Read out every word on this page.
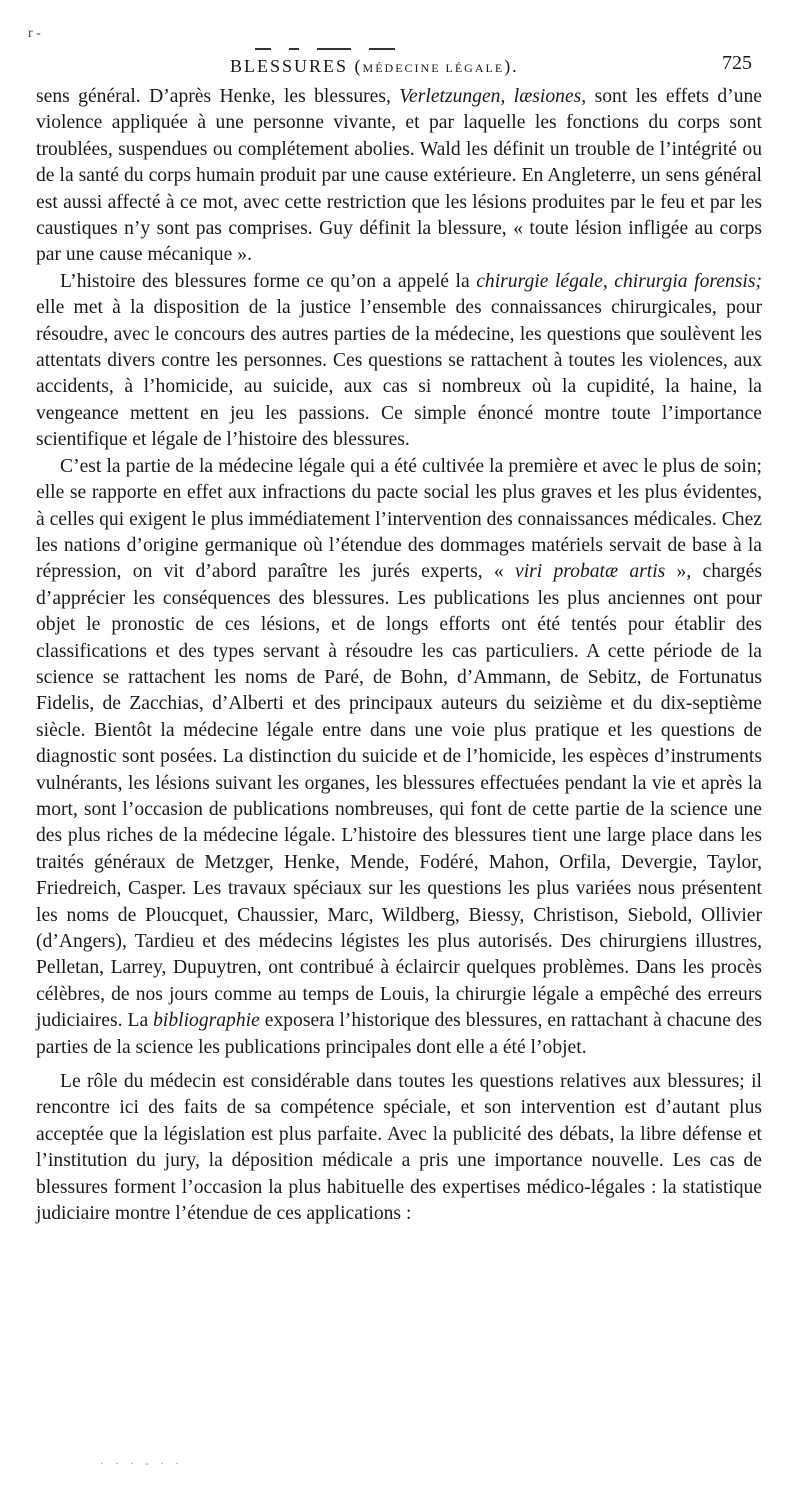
r -
BLESSURES (MÉDECINE LÉGALE).	725

sens général. D’après Henke, les blessures, Verletzungen, læsiones, sont les effets d’une violence appliquée à une personne vivante, et par laquelle les fonctions du corps sont troublées, suspendues ou complétement abolies. Wald les définit un trouble de l’intégrité ou de la santé du corps humain produit par une cause extérieure. En Angleterre, un sens général est aussi affecté à ce mot, avec cette restriction que les lésions produites par le feu et par les caustiques n’y sont pas comprises. Guy définit la blessure, « toute lésion infligée au corps par une cause mécanique ».

L’histoire des blessures forme ce qu’on a appelé la chirurgie légale, chirurgia forensis; elle met à la disposition de la justice l’ensemble des connaissances chirurgicales, pour résoudre, avec le concours des autres parties de la médecine, les questions que soulèvent les attentats divers contre les personnes. Ces questions se rattachent à toutes les violences, aux accidents, à l’homicide, au suicide, aux cas si nombreux où la cupidité, la haine, la vengeance mettent en jeu les passions. Ce simple énoncé montre toute l’importance scientifique et légale de l’histoire des blessures.

C’est la partie de la médecine légale qui a été cultivée la première et avec le plus de soin; elle se rapporte en effet aux infractions du pacte social les plus graves et les plus évidentes, à celles qui exigent le plus immédiatement l’intervention des connaissances médicales. Chez les nations d’origine germanique où l’étendue des dommages matériels servait de base à la répression, on vit d’abord paraître les jurés experts, « viri probatæ artis », chargés d’apprécier les conséquences des blessures. Les publications les plus anciennes ont pour objet le pronostic de ces lésions, et de longs efforts ont été tentés pour établir des classifications et des types servant à résoudre les cas particuliers. A cette période de la science se rattachent les noms de Paré, de Bohn, d’Ammann, de Sebitz, de Fortunatus Fidelis, de Zacchias, d’Alberti et des principaux auteurs du seizième et du dix-septième siècle. Bientôt la médecine légale entre dans une voie plus pratique et les questions de diagnostic sont posées. La distinction du suicide et de l’homicide, les espèces d’instruments vulnérants, les lésions suivant les organes, les blessures effectuées pendant la vie et après la mort, sont l’occasion de publications nombreuses, qui font de cette partie de la science une des plus riches de la médecine légale. L’histoire des blessures tient une large place dans les traités généraux de Metzger, Henke, Mende, Fodéré, Mahon, Orfila, Devergie, Taylor, Friedreich, Casper. Les travaux spéciaux sur les questions les plus variées nous présentent les noms de Ploucquet, Chaussier, Marc, Wildberg, Biessy, Christison, Siebold, Ollivier (d’Angers), Tardieu et des médecins légistes les plus autorisés. Des chirurgiens illustres, Pelletan, Larrey, Dupuytren, ont contribué à éclaircir quelques problèmes. Dans les procès célèbres, de nos jours comme au temps de Louis, la chirurgie légale a empêché des erreurs judiciaires. La bibliographie exposera l’historique des blessures, en rattachant à chacune des parties de la science les publications principales dont elle a été l’objet.

Le rôle du médecin est considérable dans toutes les questions relatives aux blessures; il rencontre ici des faits de sa compétence spéciale, et son intervention est d’autant plus acceptée que la législation est plus parfaite. Avec la publicité des débats, la libre défense et l’institution du jury, la déposition médicale a pris une importance nouvelle. Les cas de blessures forment l’occasion la plus habituelle des expertises médico-légales : la statistique judiciaire montre l’étendue de ces applications :

· · · - · ·
